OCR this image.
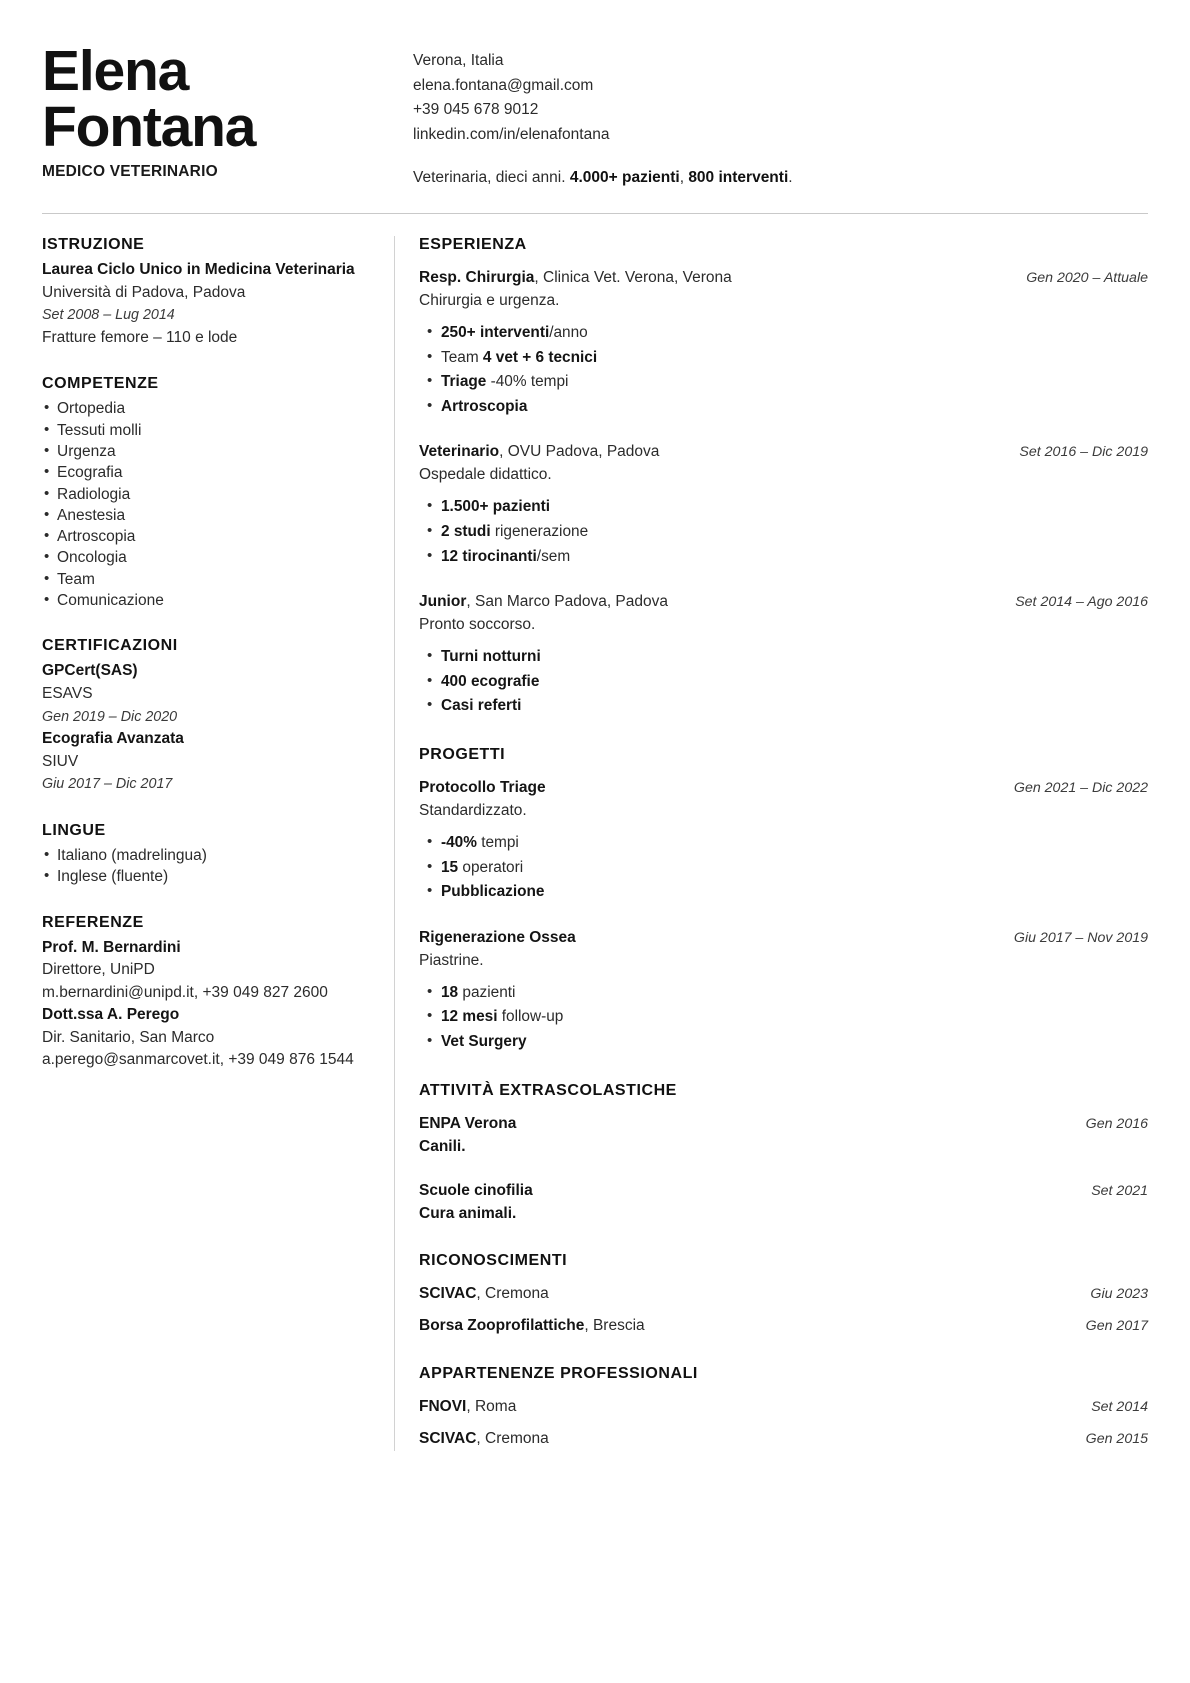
Elena
Fontana
MEDICO VETERINARIO
Verona, Italia
elena.fontana@gmail.com
+39 045 678 9012
linkedin.com/in/elenafontana
Veterinaria, dieci anni. 4.000+ pazienti, 800 interventi.
ISTRUZIONE
Laurea Ciclo Unico in Medicina Veterinaria
Università di Padova, Padova
Set 2008 – Lug 2014
Fratture femore – 110 e lode
COMPETENZE
• Ortopedia
• Tessuti molli
• Urgenza
• Ecografia
• Radiologia
• Anestesia
• Artroscopia
• Oncologia
• Team
• Comunicazione
CERTIFICAZIONI
GPCert(SAS)
ESAVS
Gen 2019 – Dic 2020
Ecografia Avanzata
SIUV
Giu 2017 – Dic 2017
LINGUE
• Italiano (madrelingua)
• Inglese (fluente)
REFERENZE
Prof. M. Bernardini
Direttore, UniPD
m.bernardini@unipd.it, +39 049 827 2600
Dott.ssa A. Perego
Dir. Sanitario, San Marco
a.perego@sanmarcovet.it, +39 049 876 1544
ESPERIENZA
Resp. Chirurgia, Clinica Vet. Verona, Verona	Gen 2020 – Attuale
Chirurgia e urgenza.
• 250+ interventi/anno
• Team 4 vet + 6 tecnici
• Triage -40% tempi
• Artroscopia
Veterinario, OVU Padova, Padova	Set 2016 – Dic 2019
Ospedale didattico.
• 1.500+ pazienti
• 2 studi rigenerazione
• 12 tirocinanti/sem
Junior, San Marco Padova, Padova	Set 2014 – Ago 2016
Pronto soccorso.
• Turni notturni
• 400 ecografie
• Casi referti
PROGETTI
Protocollo Triage	Gen 2021 – Dic 2022
Standardizzato.
• -40% tempi
• 15 operatori
• Pubblicazione
Rigenerazione Ossea	Giu 2017 – Nov 2019
Piastrine.
• 18 pazienti
• 12 mesi follow-up
• Vet Surgery
ATTIVITÀ EXTRASCOLASTICHE
ENPA Verona	Gen 2016
Canili.
Scuole cinofilia	Set 2021
Cura animali.
RICONOSCIMENTI
SCIVAC, Cremona	Giu 2023
Borsa Zooprofilattiche, Brescia	Gen 2017
APPARTENENZE PROFESSIONALI
FNOVI, Roma	Set 2014
SCIVAC, Cremona	Gen 2015
